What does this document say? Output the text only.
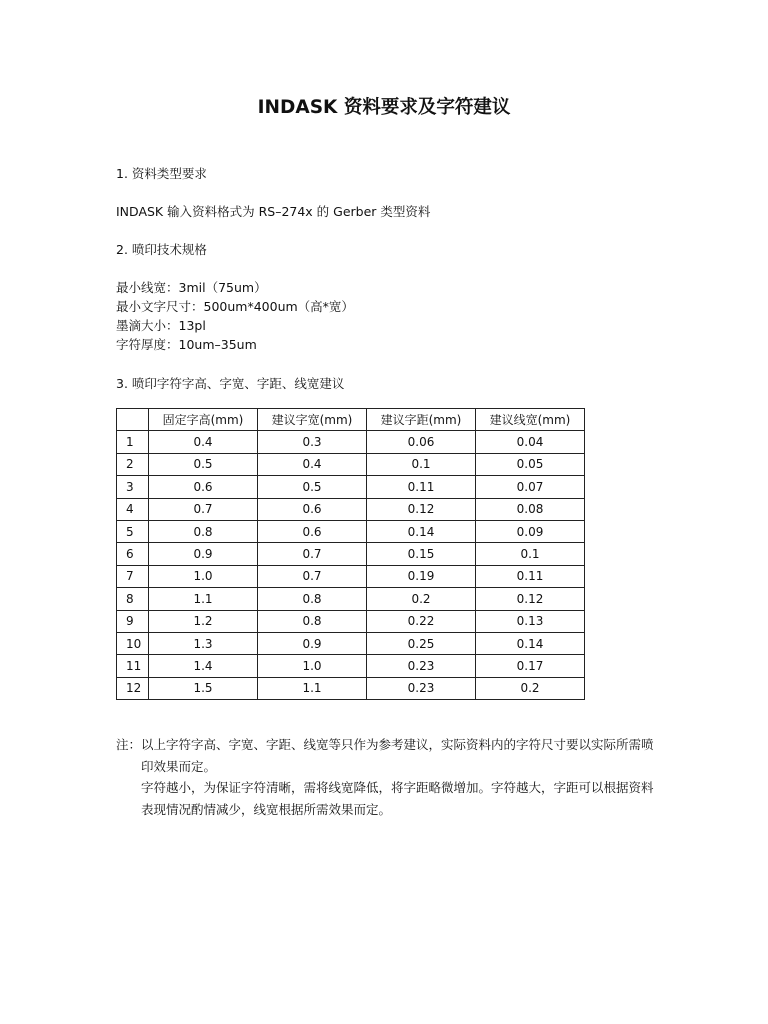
INDASK 资料要求及字符建议

1. 资料类型要求

INDASK 输入资料格式为 RS–274x 的 Gerber 类型资料

2. 喷印技术规格

最小线宽：3mil（75um）

最小文字尺寸：500um*400um（高*宽）

墨滴大小：13pl

字符厚度：10um–35um

3. 喷印字符字高、字宽、字距、线宽建议

	固定字高(mm)	建议字宽(mm)	建议字距(mm)	建议线宽(mm)
1	0.4	0.3	0.06	0.04
2	0.5	0.4	0.1	0.05
3	0.6	0.5	0.11	0.07
4	0.7	0.6	0.12	0.08
5	0.8	0.6	0.14	0.09
6	0.9	0.7	0.15	0.1
7	1.0	0.7	0.19	0.11
8	1.1	0.8	0.2	0.12
9	1.2	0.8	0.22	0.13
10	1.3	0.9	0.25	0.14
11	1.4	1.0	0.23	0.17
12	1.5	1.1	0.23	0.2
注： 以上字符字高、字宽、字距、线宽等只作为参考建议，实际资料内的字符尺寸要以实际所需喷印效果而定。

字符越小，为保证字符清晰，需将线宽降低，将字距略微增加。字符越大，字距可以根据资料表现情况酌情减少，线宽根据所需效果而定。
